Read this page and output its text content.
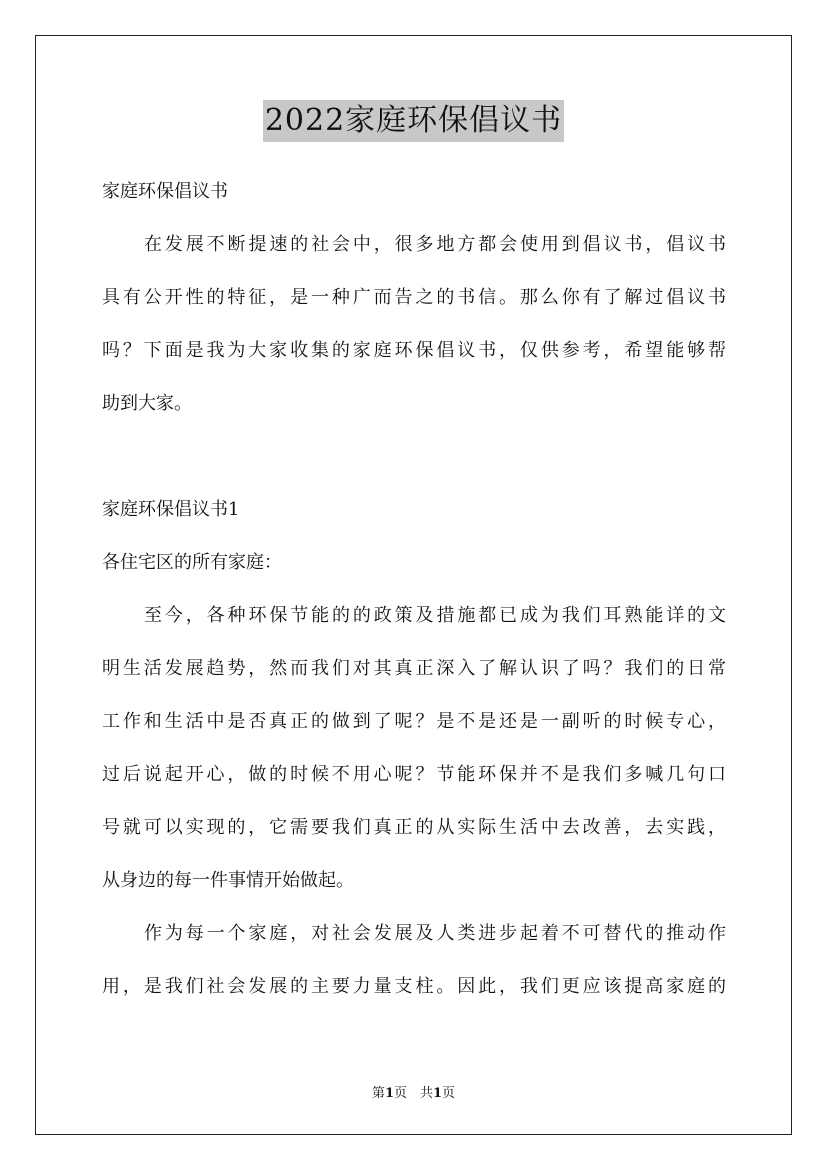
2022家庭环保倡议书
家庭环保倡议书
在发展不断提速的社会中，很多地方都会使用到倡议书，倡议书
具有公开性的特征，是一种广而告之的书信。那么你有了解过倡议书
吗？下面是我为大家收集的家庭环保倡议书，仅供参考，希望能够帮
助到大家。
家庭环保倡议书1
各住宅区的所有家庭：
至今，各种环保节能的的政策及措施都已成为我们耳熟能详的文
明生活发展趋势，然而我们对其真正深入了解认识了吗？我们的日常
工作和生活中是否真正的做到了呢？是不是还是一副听的时候专心，
过后说起开心，做的时候不用心呢？节能环保并不是我们多喊几句口
号就可以实现的，它需要我们真正的从实际生活中去改善，去实践，
从身边的每一件事情开始做起。
作为每一个家庭，对社会发展及人类进步起着不可替代的推动作
用，是我们社会发展的主要力量支柱。因此，我们更应该提高家庭的
第1页　共1页
